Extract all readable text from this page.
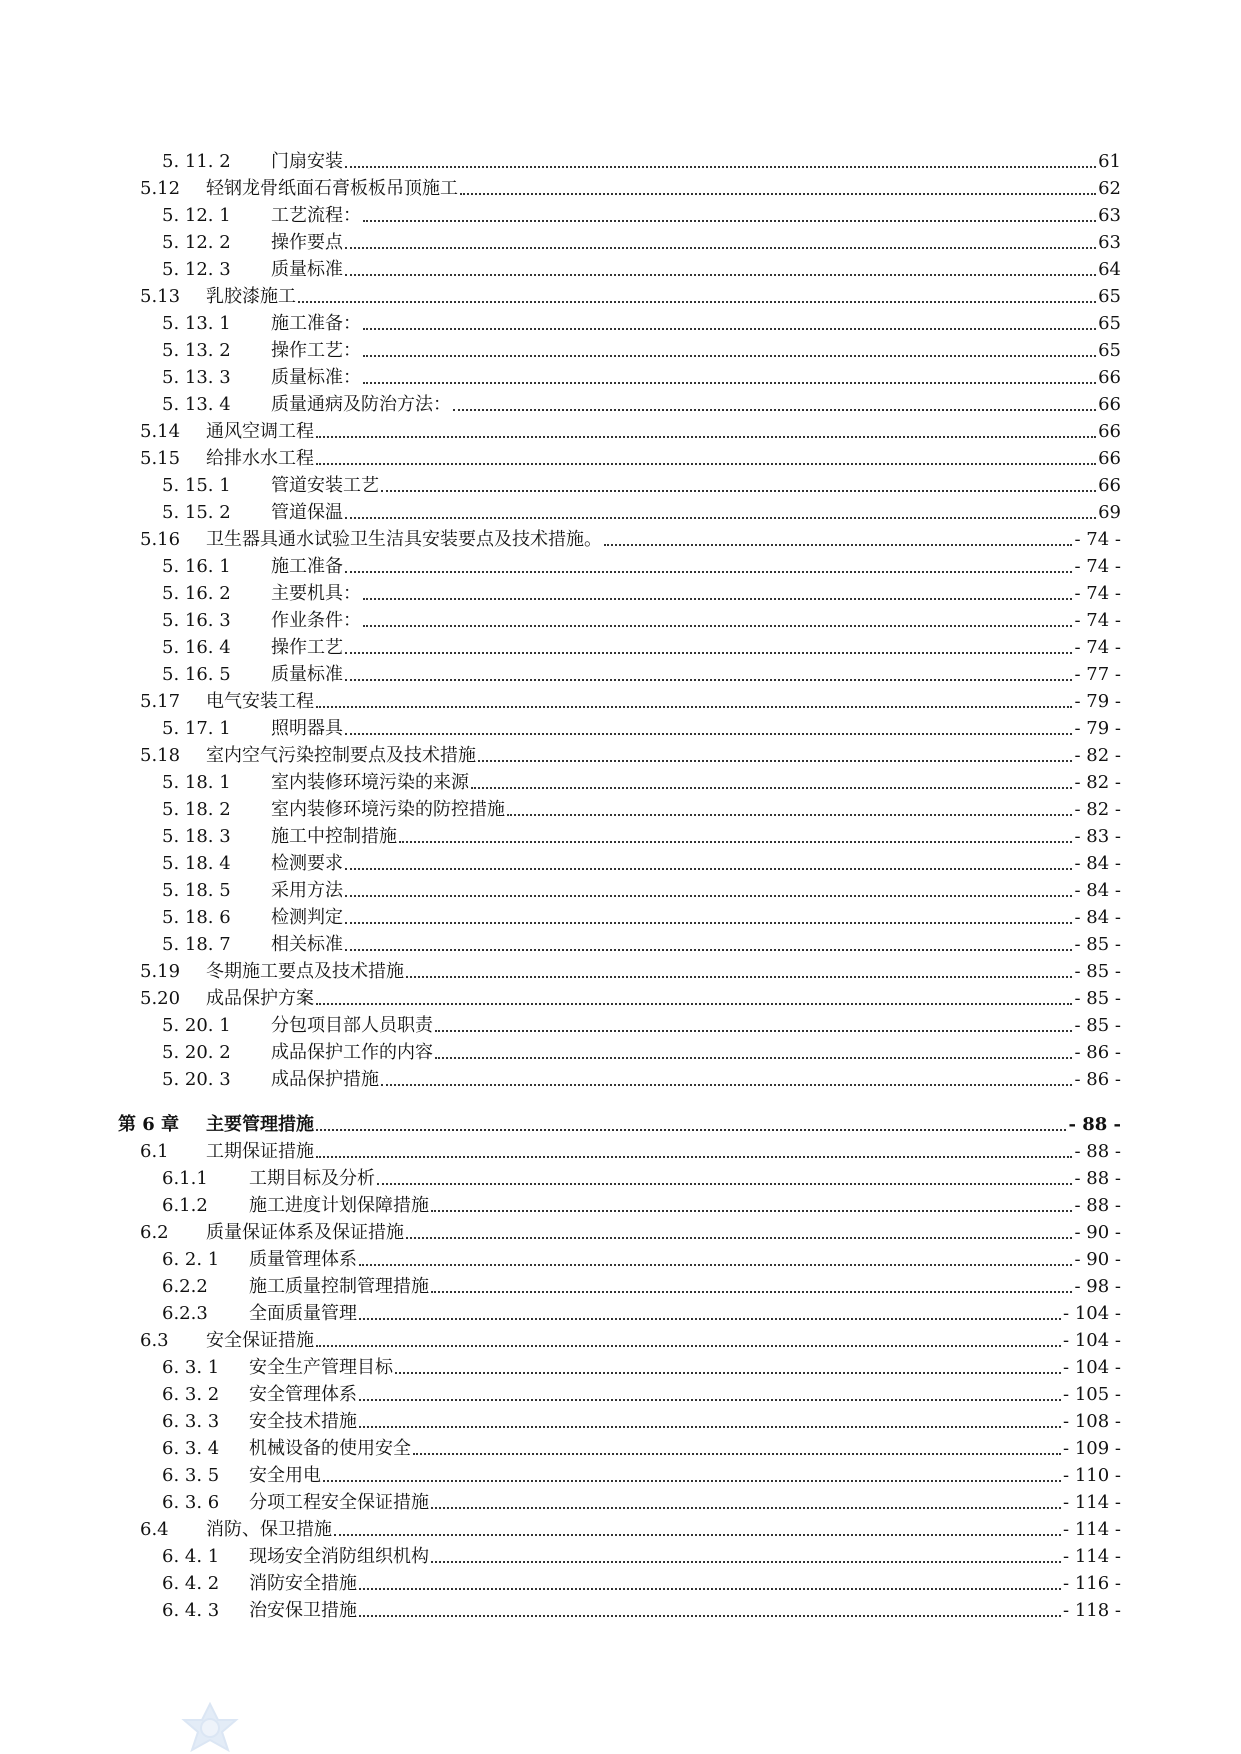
5. 11. 2 门扇安装	61
5.12 轻钢龙骨纸面石膏板板吊顶施工	62
5. 12. 1 工艺流程：	63
5. 12. 2 操作要点	63
5. 12. 3 质量标准	64
5.13 乳胶漆施工	65
5. 13. 1 施工准备：	65
5. 13. 2 操作工艺：	65
5. 13. 3 质量标准：	66
5. 13. 4 质量通病及防治方法：	66
5.14 通风空调工程	66
5.15 给排水水工程	66
5. 15. 1 管道安装工艺	66
5. 15. 2 管道保温	69
5.16 卫生器具通水试验卫生洁具安装要点及技术措施。	- 74 -
5. 16. 1 施工准备	- 74 -
5. 16. 2 主要机具：	- 74 -
5. 16. 3 作业条件：	- 74 -
5. 16. 4 操作工艺	- 74 -
5. 16. 5 质量标准	- 77 -
5.17 电气安装工程	- 79 -
5. 17. 1 照明器具	- 79 -
5.18 室内空气污染控制要点及技术措施	- 82 -
5. 18. 1 室内装修环境污染的来源	- 82 -
5. 18. 2 室内装修环境污染的防控措施	- 82 -
5. 18. 3 施工中控制措施	- 83 -
5. 18. 4 检测要求	- 84 -
5. 18. 5 采用方法	- 84 -
5. 18. 6 检测判定	- 84 -
5. 18. 7 相关标准	- 85 -
5.19 冬期施工要点及技术措施	- 85 -
5.20 成品保护方案	- 85 -
5. 20. 1 分包项目部人员职责	- 85 -
5. 20. 2 成品保护工作的内容	- 86 -
5. 20. 3 成品保护措施	- 86 -
第 6 章 主要管理措施	- 88 -
6.1 工期保证措施	- 88 -
6.1.1 工期目标及分析	- 88 -
6.1.2 施工进度计划保障措施	- 88 -
6.2 质量保证体系及保证措施	- 90 -
6. 2. 1 质量管理体系	- 90 -
6.2.2 施工质量控制管理措施	- 98 -
6.2.3 全面质量管理	- 104 -
6.3 安全保证措施	- 104 -
6. 3. 1 安全生产管理目标	- 104 -
6. 3. 2 安全管理体系	- 105 -
6. 3. 3 安全技术措施	- 108 -
6. 3. 4 机械设备的使用安全	- 109 -
6. 3. 5 安全用电	- 110 -
6. 3. 6 分项工程安全保证措施	- 114 -
6.4 消防、保卫措施	- 114 -
6. 4. 1 现场安全消防组织机构	- 114 -
6. 4. 2 消防安全措施	- 116 -
6. 4. 3 治安保卫措施	- 118 -
